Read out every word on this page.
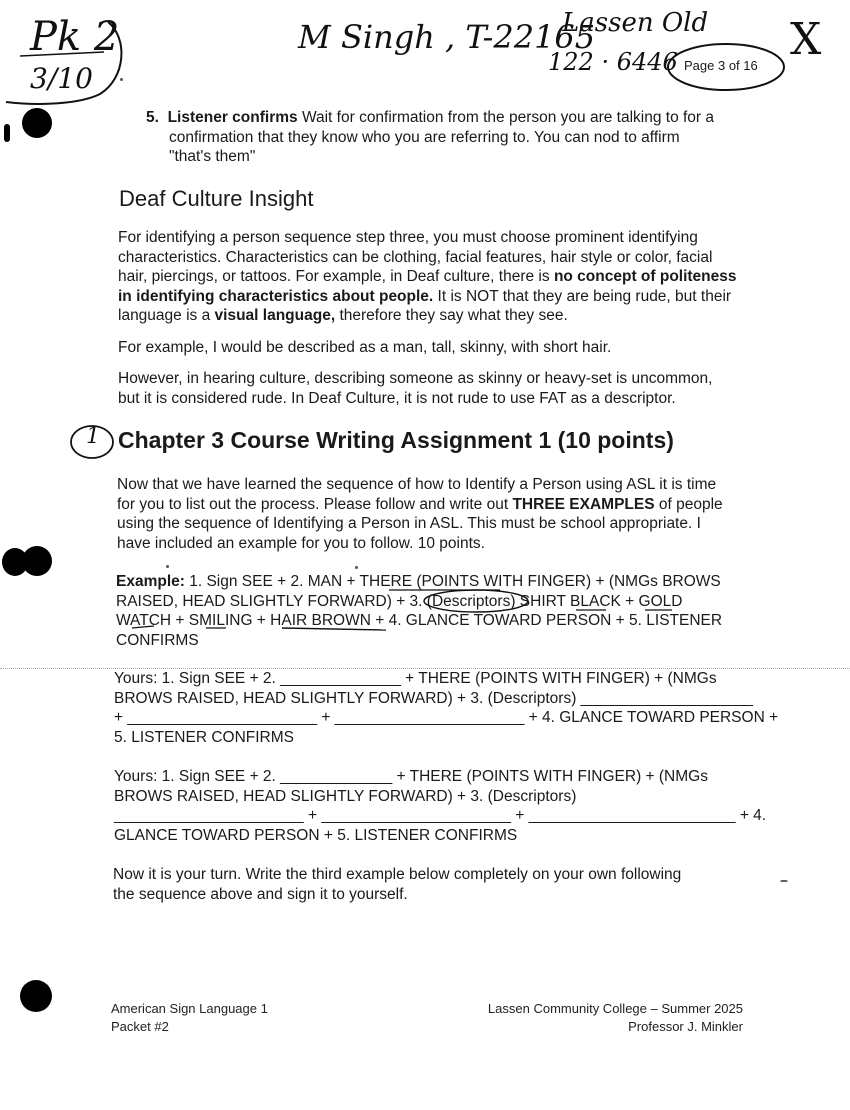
Pk 2
3/10
M Singh , T-22165
Lassen Old
122 · 6446 Page 3 of 16
X
5. Listener confirms Wait for confirmation from the person you are talking to for a
confirmation that they know who you are referring to. You can nod to affirm
"that's them"
Deaf Culture Insight
For identifying a person sequence step three, you must choose prominent identifying
characteristics. Characteristics can be clothing, facial features, hair style or color, facial
hair, piercings, or tattoos. For example, in Deaf culture, there is no concept of politeness
in identifying characteristics about people. It is NOT that they are being rude, but their
language is a visual language, therefore they say what they see.
For example, I would be described as a man, tall, skinny, with short hair.
However, in hearing culture, describing someone as skinny or heavy-set is uncommon,
but it is considered rude. In Deaf Culture, it is not rude to use FAT as a descriptor.
1 Chapter 3 Course Writing Assignment 1 (10 points)
Now that we have learned the sequence of how to Identify a Person using ASL it is time
for you to list out the process. Please follow and write out THREE EXAMPLES of people
using the sequence of Identifying a Person in ASL. This must be school appropriate. I
have included an example for you to follow. 10 points.
Example: 1. Sign SEE + 2. MAN + THERE (POINTS WITH FINGER) + (NMGs BROWS
RAISED, HEAD SLIGHTLY FORWARD) + 3. (Descriptors) SHIRT BLACK + GOLD
WATCH + SMILING + HAIR BROWN + 4. GLANCE TOWARD PERSON + 5. LISTENER
CONFIRMS
Yours: 1. Sign SEE + 2. ______________ + THERE (POINTS WITH FINGER) + (NMGs
BROWS RAISED, HEAD SLIGHTLY FORWARD) + 3. (Descriptors) ____________________
+ ______________________ + ______________________ + 4. GLANCE TOWARD PERSON +
5. LISTENER CONFIRMS
Yours: 1. Sign SEE + 2. _____________ + THERE (POINTS WITH FINGER) + (NMGs
BROWS RAISED, HEAD SLIGHTLY FORWARD) + 3. (Descriptors)
______________________ + ______________________ + ________________________ + 4.
GLANCE TOWARD PERSON + 5. LISTENER CONFIRMS
Now it is your turn. Write the third example below completely on your own following
the sequence above and sign it to yourself.
American Sign Language 1
Packet #2
Lassen Community College – Summer 2025
Professor J. Minkler
